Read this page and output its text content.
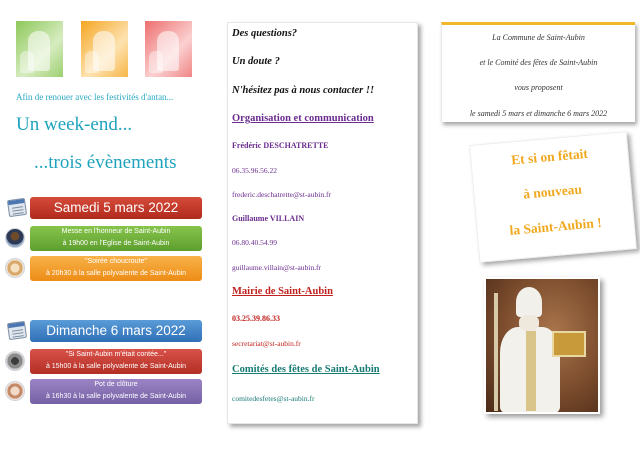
Afin de renouer avec les festivités d'antan...
Un week-end...
...trois évènements
Samedi 5 mars 2022
Messe en l'honneur de Saint-Aubin
à 19h00 en l'Eglise de Saint-Aubin
"Soirée choucroute"
à 20h30 à la salle polyvalente de Saint-Aubin
Dimanche 6 mars 2022
"Si Saint-Aubin m'était contée..."
à 15h00 à la salle polyvalente de Saint-Aubin
Pot de clôture
à 16h30 à la salle polyvalente de Saint-Aubin
Des questions?
Un doute ?
N'hésitez pas à nous contacter !!
Organisation et communication
Frédéric DESCHATRETTE
06.35.96.56.22
frederic.deschatrette@st-aubin.fr
Guillaume VILLAIN
06.80.40.54.99
guillaume.villain@st-aubin.fr
Mairie de Saint-Aubin
03.25.39.86.33
secretariat@st-aubin.fr
Comités des fêtes de Saint-Aubin
comitedesfetes@st-aubin.fr
La Commune de Saint-Aubin
et le Comité des fêtes de Saint-Aubin
vous proposent
le samedi 5 mars et dimanche 6 mars 2022
Et si on fêtait
à nouveau
la Saint-Aubin !
